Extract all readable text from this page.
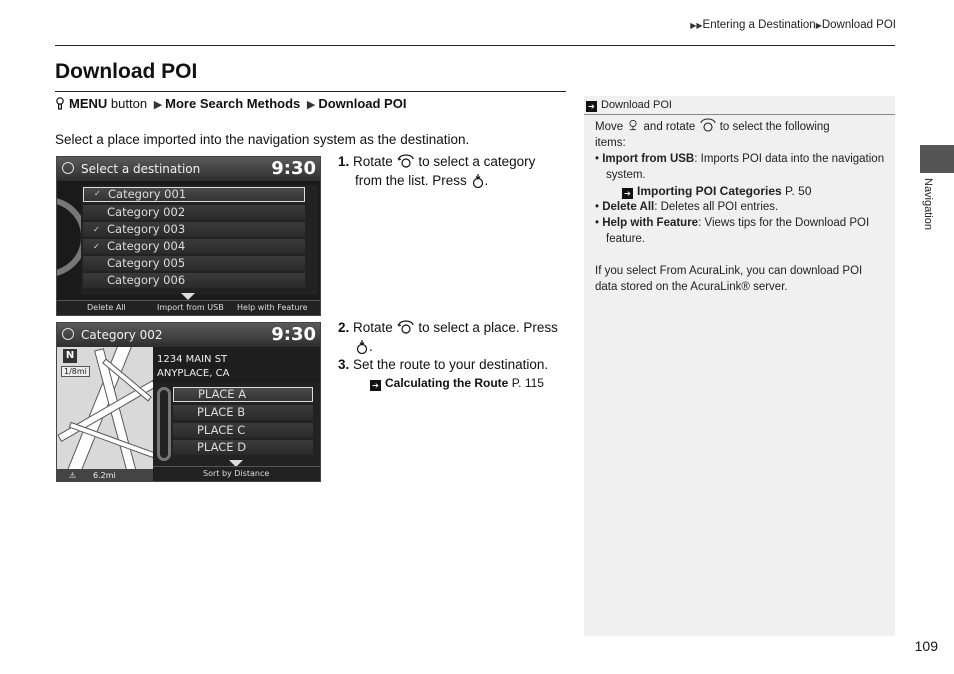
▶▶Entering a Destination▶Download POI
Download POI
MENU button ▶ More Search Methods ▶ Download POI

Select a place imported into the navigation system as the destination.

Select a destination	9:30
✓ Category 001
Category 002
✓ Category 003
✓ Category 004
Category 005
Category 006
Delete All	Import from USB Help with Feature
Category 002	9:30
N
1/8mi
⚠ 6.2mi
1234 MAIN ST
ANYPLACE, CA
PLACE A
PLACE B
PLACE C
PLACE D
Sort by Distance
1. Rotate to select a category
from the list. Press .
2. Rotate to select a place. Press
.
3. Set the route to your destination.
➔ Calculating the Route P. 115
➔ Download POI
Move and rotate to select the following
items:
• Import from USB: Imports POI data into the navigation system.
➔ Importing POI Categories P. 50
• Delete All: Deletes all POI entries.
• Help with Feature: Views tips for the Download POI feature.
If you select From AcuraLink, you can download POI data stored on the AcuraLink® server.
Navigation
109
